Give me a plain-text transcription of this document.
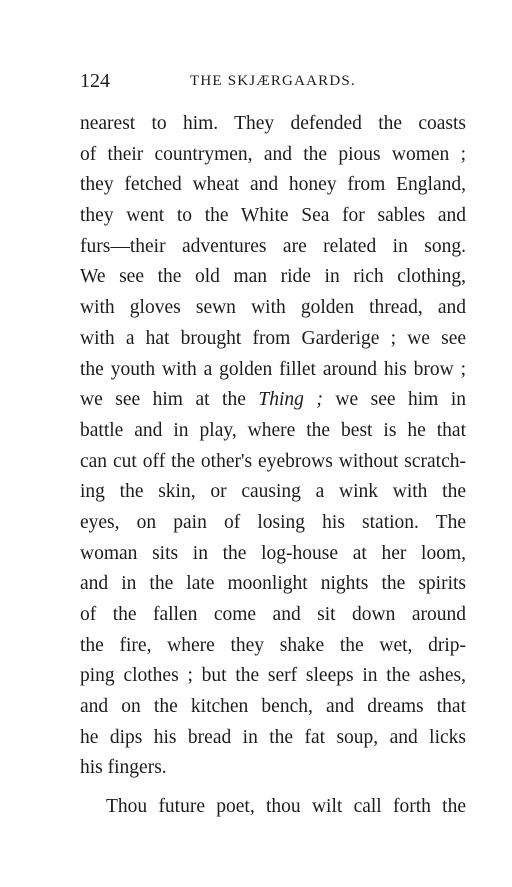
124	THE SKJÆRGAARDS.
nearest to him. They defended the coasts
of their countrymen, and the pious women ;
they fetched wheat and honey from England,
they went to the White Sea for sables and
furs—their adventures are related in song.
We see the old man ride in rich clothing,
with gloves sewn with golden thread, and
with a hat brought from Garderige ; we see
the youth with a golden fillet around his brow ;
we see him at the Thing ; we see him in
battle and in play, where the best is he that
can cut off the other's eyebrows without scratch-
ing the skin, or causing a wink with the
eyes, on pain of losing his station. The
woman sits in the log-house at her loom,
and in the late moonlight nights the spirits
of the fallen come and sit down around
the fire, where they shake the wet, drip-
ping clothes ; but the serf sleeps in the ashes,
and on the kitchen bench, and dreams that
he dips his bread in the fat soup, and licks
his fingers.
Thou future poet, thou wilt call forth the
